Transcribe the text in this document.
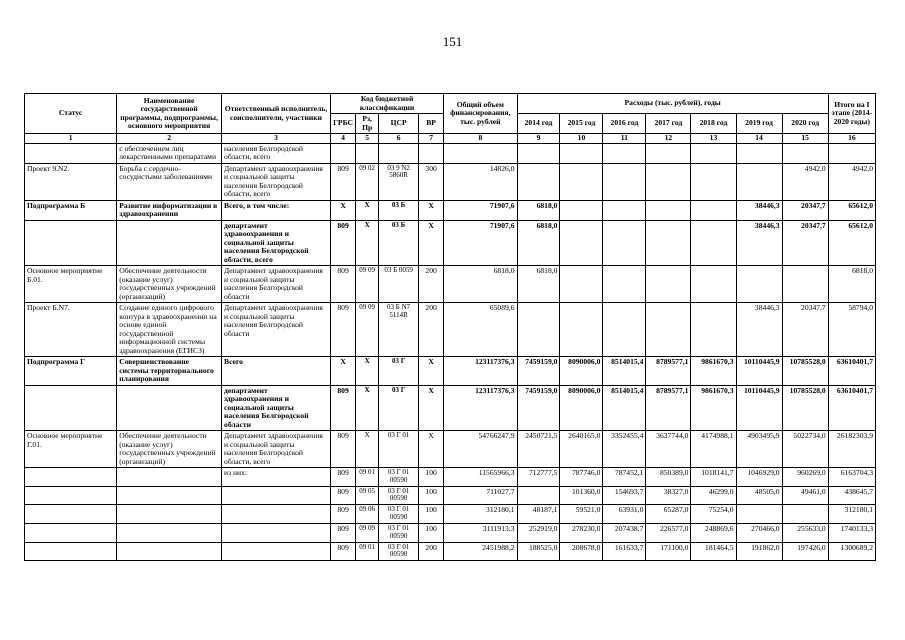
151
Статус	Наименование государственной программы, подпрограммы, основного мероприятия	Ответственный исполнитель, соисполнители, участники	Код бюджетной классификации				Общий объем финансирования, тыс. рублей	Расходы (тыс. рублей), годы							Итого на I этапе (2014-2020 годы)
			ГРБС	Рз, Пр	ЦСР	ВР		2014 год	2015 год	2016 год	2017 год	2018 год	2019 год	2020 год	
1	2	3	4	5	6	7	8	9	10	11	12	13	14	15	16
	с обеспечением лиц лекарственными препаратами	населения Белгородской области, всего													
Проект 9.N2.	Борьба с сердечно-сосудистыми заболеваниями	Департамент здравоохранения и социальной защиты населения Белгородской области, всего	809	09 02	03 9 N2 5860R	300	14826,0							4942,0	4942,0
Подпрограмма Б	Развитие информатизации в здравоохранении	Всего, в том числе:	Х	Х	03 Б	Х	71907,6	6818,0					38446,3	20347,7	65612,0
		департамент здравоохранения и социальной защиты населения Белгородской области, всего	809	Х	03 Б	Х	71907,6	6818,0					38446,3	20347,7	65612,0
Основное мероприятие Б.01.	Обеспечение деятельности (оказание услуг) государственных учреждений (организаций)	Департамент здравоохранения и социальной защиты населения Белгородской области	809	09 09	03 Б 0059	200	6818,0	6818,0							6818,0
Проект Б.N7.	Создание единого цифрового контура в здравоохранении на основе единой государственной информационной системы здравоохранения (ЕГИСЗ)	Департамент здравоохранения и социальной защиты населения Белгородской области	809	09 09	03 Б N7 5114R	200	65089,6						38446,3	20347,7	58794,0
Подпрограмма Г	Совершенствование системы территориального планирования	Всего	Х	Х	03 Г	Х	123117376,3	7459159,0	8090006,0	8514015,4	8789577,1	9861670,3	10110445,9	10785528,0	63610401,7
		департамент здравоохранения и социальной защиты населения Белгородской области	809	Х	03 Г	Х	123117376,3	7459159,0	8090006,0	8514015,4	8789577,1	9861670,3	10110445,9	10785528,0	63610401,7
Основное мероприятие Г.01.	Обеспечение деятельности (оказание услуг) государственных учреждений (организаций)	Департамент здравоохранения и социальной защиты населения Белгородской области, всего	809	Х	03 Г 01	Х	54766247,9	2450721,5	2640165,0	3352455,4	3637744,0	4174988,1	4903495,9	5022734,0	26182303,9
		из них:	809	09 01	03 Г 01 00590	100	11565966,3	712777,5	787746,0	787452,1	850389,0	1018141,7	1046929,0	960269,0	6163704,3
			809	09 05	03 Г 01 00590	100	711027,7		101360,0	154693,7	38327,0	46299,0	48505,0	49461,0	438645,7
			809	09 06	03 Г 01 00590	100	312180,1	48187,1	59521,0	63931,0	65287,0	75254,0			312180,1
			809	09 09	03 Г 01 00590	100	3111913,3	252919,0	278230,0	207438,7	226577,0	248869,6	270466,0	255633,0	1740133,3
			809	09 01	03 Г 01 00590	200	2451988,2	188525,0	208678,0	161633,7	171100,0	181464,5	191862,0	197426,0	1300689,2
